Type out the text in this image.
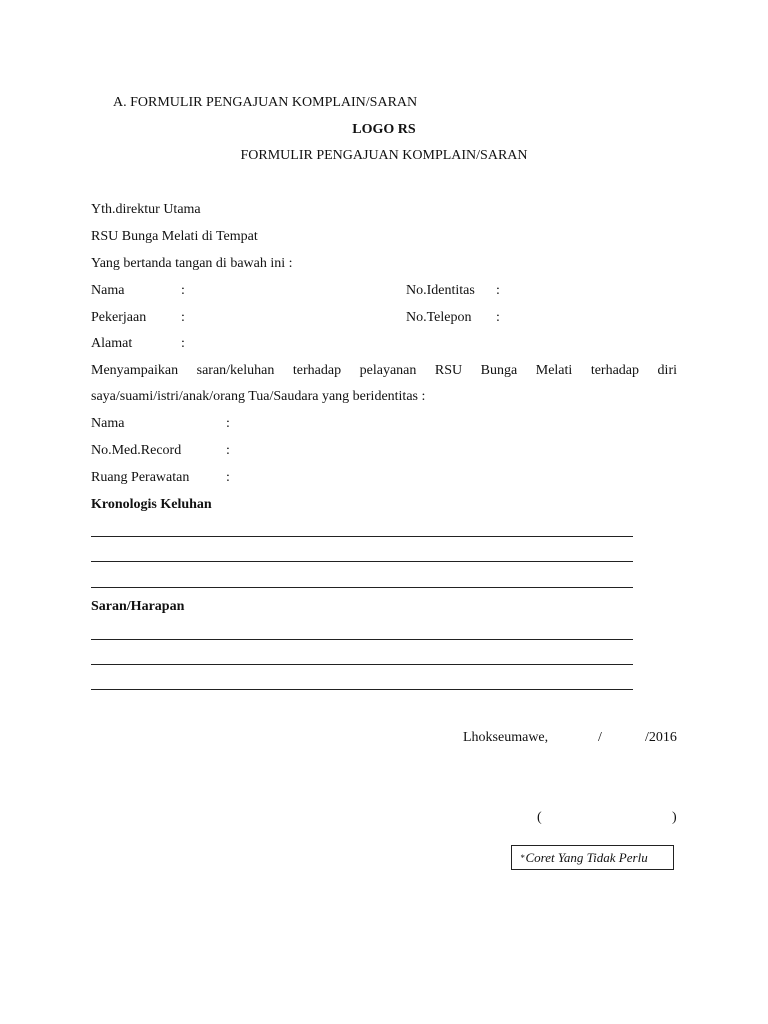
A. FORMULIR PENGAJUAN KOMPLAIN/SARAN
LOGO RS
FORMULIR PENGAJUAN KOMPLAIN/SARAN
Yth.direktur Utama
RSU Bunga Melati di Tempat
Yang bertanda tangan di bawah ini :
Nama	:	No.Identitas :
Pekerjaan :	No.Telepon :
Alamat	:
Menyampaikan saran/keluhan terhadap pelayanan RSU Bunga Melati terhadap diri
saya/suami/istri/anak/orang Tua/Saudara yang beridentitas :
Nama	:
No.Med.Record	:
Ruang Perawatan	:
Kronologis Keluhan
Saran/Harapan
Lhokseumawe,	/	/2016
(	)
* Coret Yang Tidak Perlu
